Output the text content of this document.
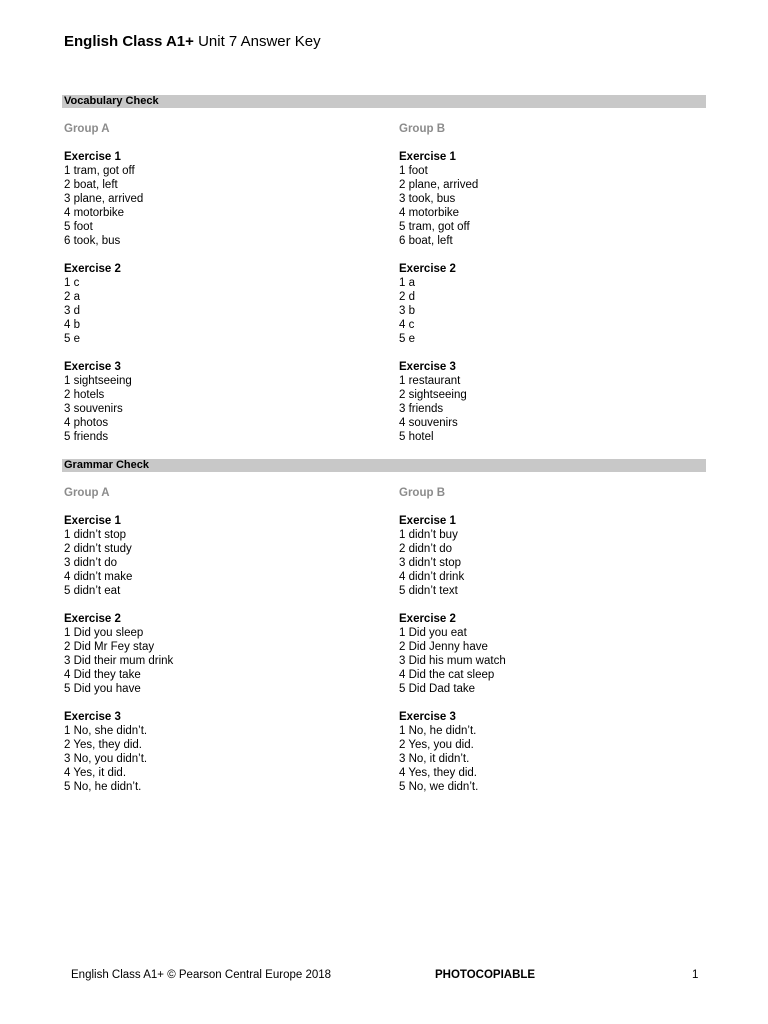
English Class A1+ Unit 7 Answer Key
Vocabulary Check
Group A
Exercise 1
1 tram, got off
2 boat, left
3 plane, arrived
4 motorbike
5 foot
6 took, bus
Exercise 2
1 c
2 a
3 d
4 b
5 e
Exercise 3
1 sightseeing
2 hotels
3 souvenirs
4 photos
5 friends
Group B
Exercise 1
1 foot
2 plane, arrived
3 took, bus
4 motorbike
5 tram, got off
6 boat, left
Exercise 2
1 a
2 d
3 b
4 c
5 e
Exercise 3
1 restaurant
2 sightseeing
3 friends
4 souvenirs
5 hotel
Grammar Check
Group A
Exercise 1
1 didn’t stop
2 didn’t study
3 didn’t do
4 didn’t make
5 didn’t eat
Exercise 2
1 Did you sleep
2 Did Mr Fey stay
3 Did their mum drink
4 Did they take
5 Did you have
Exercise 3
1 No, she didn’t.
2 Yes, they did.
3 No, you didn’t.
4 Yes, it did.
5 No, he didn’t.
Group B
Exercise 1
1 didn’t buy
2 didn’t do
3 didn’t stop
4 didn’t drink
5 didn’t text
Exercise 2
1 Did you eat
2 Did Jenny have
3 Did his mum watch
4 Did the cat sleep
5 Did Dad take
Exercise 3
1 No, he didn’t.
2 Yes, you did.
3 No, it didn’t.
4 Yes, they did.
5 No, we didn’t.
English Class A1+ © Pearson Central Europe 2018	PHOTOCOPIABLE	1
